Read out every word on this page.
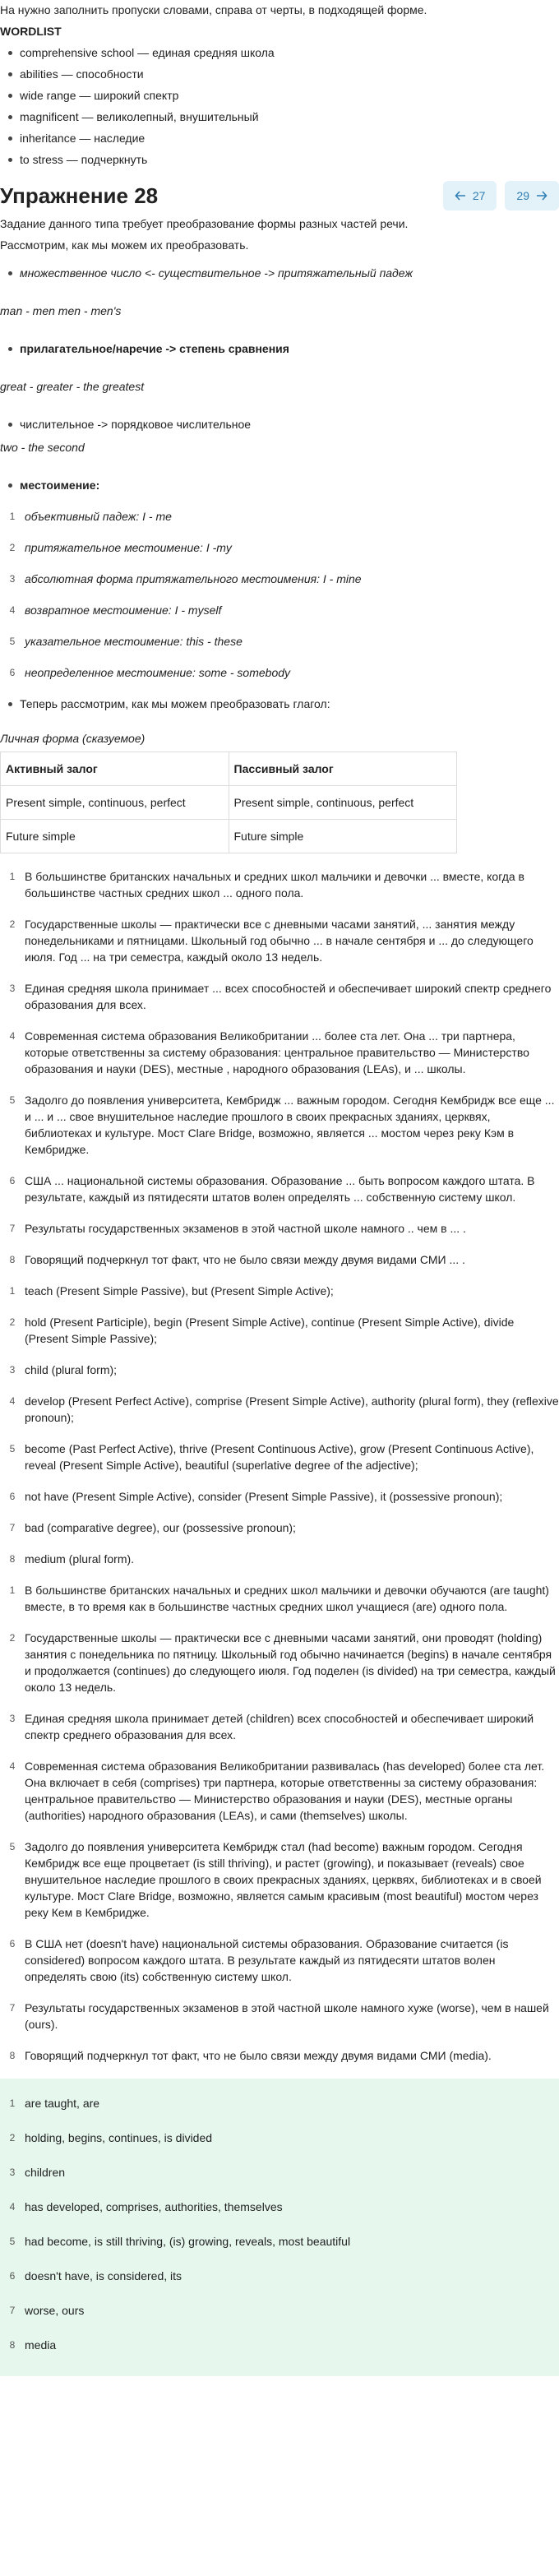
На нужно заполнить пропуски словами, справа от черты, в подходящей форме.

WORDLIST
comprehensive school — единая средняя школа
abilities — способности
wide range — широкий спектр
magnificent — великолепный, внушительный
inheritance — наследие
to stress — подчеркнуть
Упражнение 28	27	29

Задание данного типа требует преобразование формы разных частей речи.

Рассмотрим, как мы можем их преобразовать.

множественное число <- существительное -> притяжательный падеж
man - men men - men's
прилагательное/наречие -> степень сравнения
great - greater - the greatest
числительное -> порядковое числительное
two - the second
местоимение:
1 объективный падеж: I - me
2 притяжательное местоимение: I -my
3 абсолютная форма притяжательного местоимения: I - mine
4 возвратное местоимение: I - myself
5 указательное местоимение: this - these
6 неопределенное местоимение: some - somebody
Теперь рассмотрим, как мы можем преобразовать глагол:
Личная форма (сказуемое)
Активный залог	Пассивный залог
Present simple, continuous, perfect	Present simple, continuous, perfect
Future simple	Future simple
1 В большинстве британских начальных и средних школ мальчики и девочки ... вместе, когда в большинстве частных средних школ ... одного пола.
2 Государственные школы — практически все с дневными часами занятий, ... занятия между понедельниками и пятницами. Школьный год обычно ... в начале сентября и ... до следующего июля. Год ... на три семестра, каждый около 13 недель.
3 Единая средняя школа принимает ... всех способностей и обеспечивает широкий спектр среднего образования для всех.
4 Современная система образования Великобритании ... более ста лет. Она ... три партнера, которые ответственны за систему образования: центральное правительство — Министерство образования и науки (DES), местные , народного образования (LEAs), и ... школы.
5 Задолго до появления университета, Кембридж ... важным городом. Сегодня Кембридж все еще ... и ... и ... свое внушительное наследие прошлого в своих прекрасных зданиях, церквях, библиотеках и культуре. Мост Clare Bridge, возможно, является ... мостом через реку Кэм в Кембридже.
6 США ... национальной системы образования. Образование ... быть вопросом каждого штата. В результате, каждый из пятидесяти штатов волен определять ... собственную систему школ.
7 Результаты государственных экзаменов в этой частной школе намного .. чем в ... .
8 Говорящий подчеркнул тот факт, что не было связи между двумя видами СМИ ... .
1 teach (Present Simple Passive), but (Present Simple Active);
2 hold (Present Participle), begin (Present Simple Active), continue (Present Simple Active), divide (Present Simple Passive);
3 child (plural form);
4 develop (Present Perfect Active), comprise (Present Simple Active), authority (plural form), they (reflexive pronoun);
5 become (Past Perfect Active), thrive (Present Continuous Active), grow (Present Continuous Active), reveal (Present Simple Active), beautiful (superlative degree of the adjective);
6 not have (Present Simple Active), consider (Present Simple Passive), it (possessive pronoun);
7 bad (comparative degree), our (possessive pronoun);
8 medium (plural form).
1 В большинстве британских начальных и средних школ мальчики и девочки обучаются (are taught) вместе, в то время как в большинстве частных средних школ учащиеся (are) одного пола.
2 Государственные школы — практически все с дневными часами занятий, они проводят (holding) занятия с понедельника по пятницу. Школьный год обычно начинается (begins) в начале сентября и продолжается (continues) до следующего июля. Год поделен (is divided) на три семестра, каждый около 13 недель.
3 Единая средняя школа принимает детей (children) всех способностей и обеспечивает широкий спектр среднего образования для всех.
4 Современная система образования Великобритании развивалась (has developed) более ста лет. Она включает в себя (comprises) три партнера, которые ответственны за систему образования: центральное правительство — Министерство образования и науки (DES), местные органы (authorities) народного образования (LEAs), и сами (themselves) школы.
5 Задолго до появления университета Кембридж стал (had become) важным городом. Сегодня Кембридж все еще процветает (is still thriving), и растет (growing), и показывает (reveals) свое внушительное наследие прошлого в своих прекрасных зданиях, церквях, библиотеках и в своей культуре. Мост Clare Bridge, возможно, является самым красивым (most beautiful) мостом через реку Кем в Кембридже.
6 В США нет (doesn't have) национальной системы образования. Образование считается (is considered) вопросом каждого штата. В результате каждый из пятидесяти штатов волен определять свою (its) собственную систему школ.
7 Результаты государственных экзаменов в этой частной школе намного хуже (worse), чем в нашей (ours).
8 Говорящий подчеркнул тот факт, что не было связи между двумя видами СМИ (media).
1 are taught, are
2 holding, begins, continues, is divided
3 children
4 has developed, comprises, authorities, themselves
5 had become, is still thriving, (is) growing, reveals, most beautiful
6 doesn't have, is considered, its
7 worse, ours
8 media
